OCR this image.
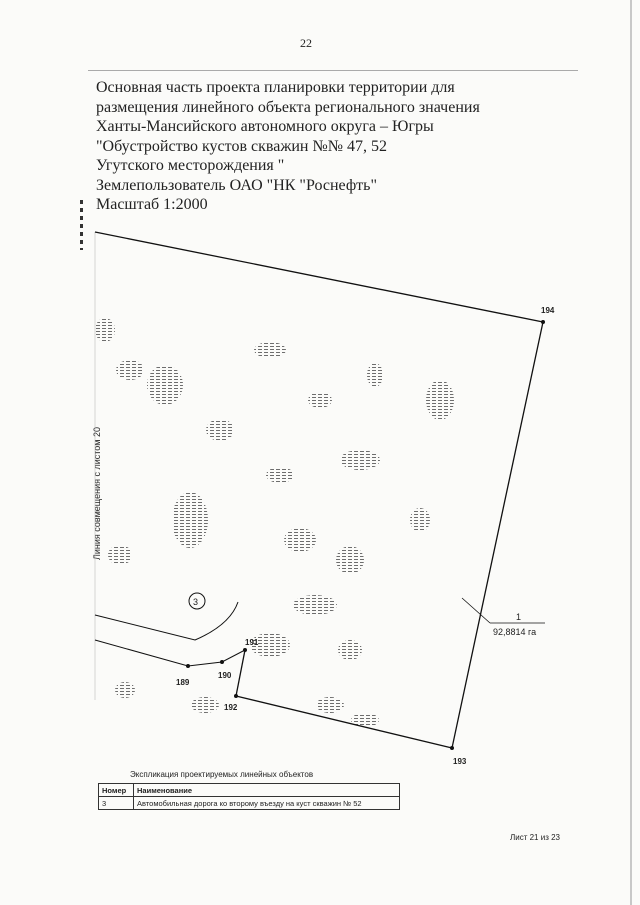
22
Основная часть проекта планировки территории для
размещения линейного объекта регионального значения
Ханты-Мансийского автономного округа – Югры
"Обустройство кустов скважин №№ 47, 52
Угутского месторождения "
Землепользователь ОАО "НК "Роснефть"
Масштаб 1:2000
Линия совмещения с листом 20
194
193
192
191
190
189
3
1
92,8814 га
Экспликация проектируемых линейных объектов
Номер	Наименование
3	Автомобильная дорога ко второму въезду на куст скважин № 52
Лист 21 из 23
